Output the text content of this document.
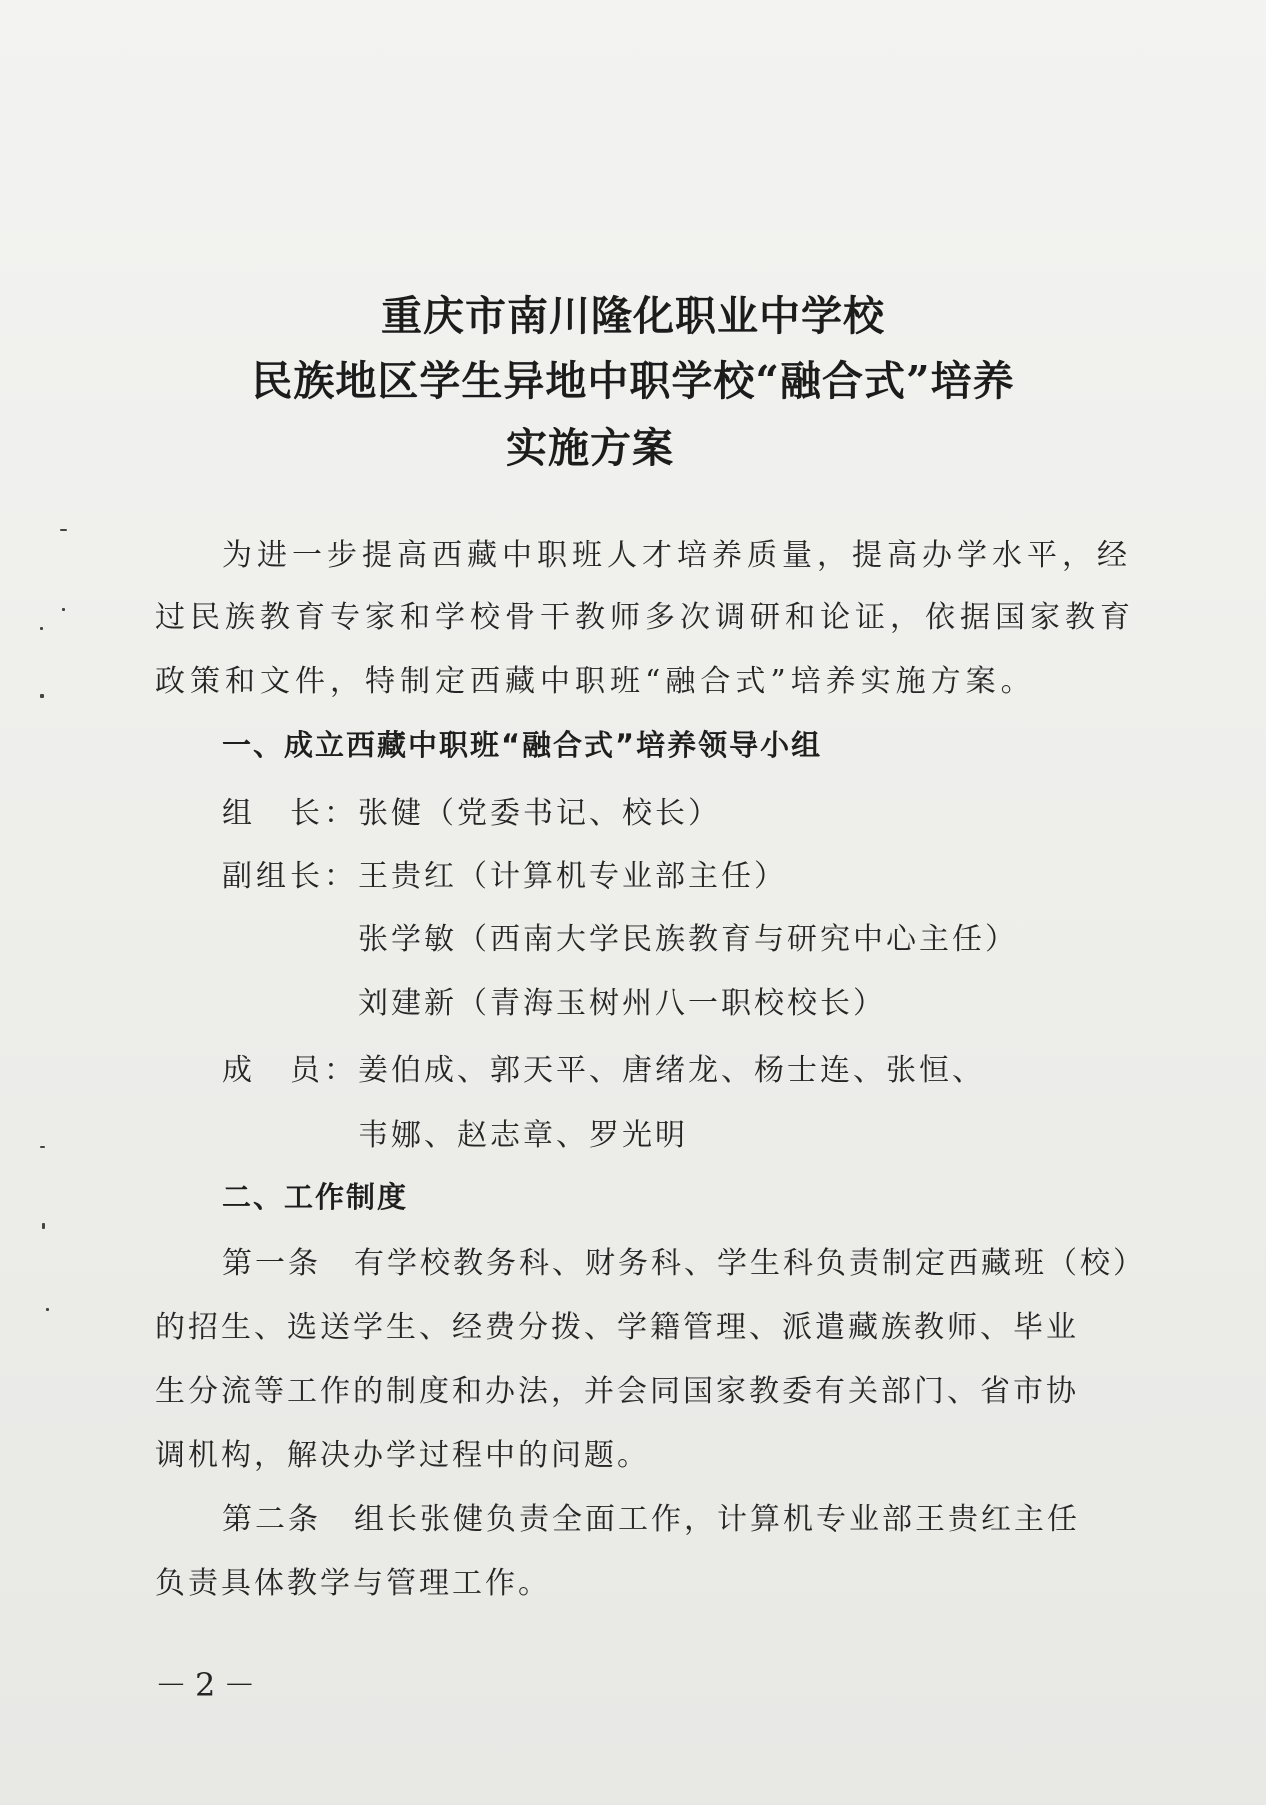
重庆市南川隆化职业中学校
民族地区学生异地中职学校“融合式”培养
实施方案
为进一步提高西藏中职班人才培养质量，提高办学水平，经
过民族教育专家和学校骨干教师多次调研和论证，依据国家教育
政策和文件，特制定西藏中职班“融合式”培养实施方案。
一、成立西藏中职班“融合式”培养领导小组
组　长： 张健（党委书记、校长）
副组长： 王贵红（计算机专业部主任）
张学敏（西南大学民族教育与研究中心主任）
刘建新（青海玉树州八一职校校长）
成　员： 姜伯成、郭天平、唐绪龙、杨士连、张恒、
韦娜、赵志章、罗光明
二、工作制度
第一条　有学校教务科、财务科、学生科负责制定西藏班（校）
的招生、选送学生、经费分拨、学籍管理、派遣藏族教师、毕业
生分流等工作的制度和办法，并会同国家教委有关部门、省市协
调机构，解决办学过程中的问题。
第二条　组长张健负责全面工作，计算机专业部王贵红主任
负责具体教学与管理工作。
－2－
